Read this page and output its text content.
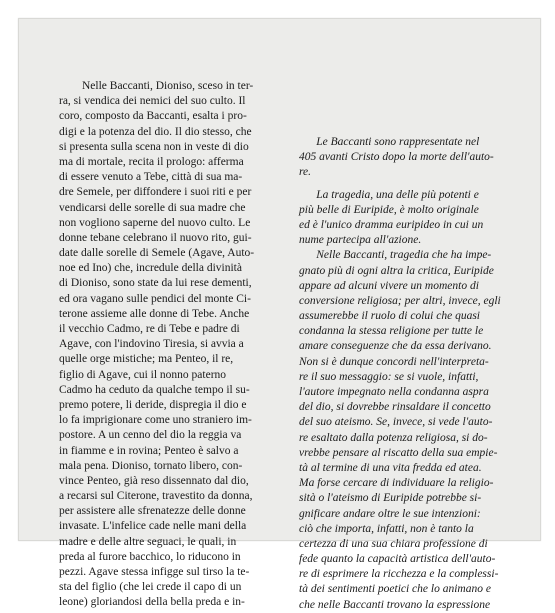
Nelle Baccanti, Dioniso, sceso in ter-
ra, si vendica dei nemici del suo culto. Il
coro, composto da Baccanti, esalta i pro-
digi e la potenza del dio. Il dio stesso, che
si presenta sulla scena non in veste di dio
ma di mortale, recita il prologo: afferma
di essere venuto a Tebe, città di sua ma-
dre Semele, per diffondere i suoi riti e per
vendicarsi delle sorelle di sua madre che
non vogliono saperne del nuovo culto. Le
donne tebane celebrano il nuovo rito, gui-
date dalle sorelle di Semele (Agave, Auto-
noe ed Ino) che, incredule della divinità
di Dioniso, sono state da lui rese dementi,
ed ora vagano sulle pendici del monte Ci-
terone assieme alle donne di Tebe. Anche
il vecchio Cadmo, re di Tebe e padre di
Agave, con l'indovino Tiresia, si avvia a
quelle orge mistiche; ma Penteo, il re,
figlio di Agave, cui il nonno paterno
Cadmo ha ceduto da qualche tempo il su-
premo potere, li deride, dispregia il dio e
lo fa imprigionare come uno straniero im-
postore. A un cenno del dio la reggia va
in fiamme e in rovina; Penteo è salvo a
mala pena. Dioniso, tornato libero, con-
vince Penteo, già reso dissennato dal dio,
a recarsi sul Citerone, travestito da donna,
per assistere alle sfrenatezze delle donne
invasate. L'infelice cade nelle mani della
madre e delle altre seguaci, le quali, in
preda al furore bacchico, lo riducono in
pezzi. Agave stessa infigge sul tirso la te-
sta del figlio (che lei crede il capo di un
leone) gloriandosi della bella preda e in-
Le Baccanti sono rappresentate nel
405 avanti Cristo dopo la morte dell'auto-
re.
La tragedia, una delle più potenti e
più belle di Euripide, è molto originale
ed è l'unico dramma euripideo in cui un
nume partecipa all'azione.
Nelle Baccanti, tragedia che ha impe-
gnato più di ogni altra la critica, Euripide
appare ad alcuni vivere un momento di
conversione religiosa; per altri, invece, egli
assumerebbe il ruolo di colui che quasi
condanna la stessa religione per tutte le
amare conseguenze che da essa derivano.
Non si è dunque concordi nell'interpreta-
re il suo messaggio: se si vuole, infatti,
l'autore impegnato nella condanna aspra
del dio, si dovrebbe rinsaldare il concetto
del suo ateismo. Se, invece, si vede l'auto-
re esaltato dalla potenza religiosa, si do-
vrebbe pensare al riscatto della sua empie-
tà al termine di una vita fredda ed atea.
Ma forse cercare di individuare la religio-
sità o l'ateismo di Euripide potrebbe si-
gnificare andare oltre le sue intenzioni:
ciò che importa, infatti, non è tanto la
certezza di una sua chiara professione di
fede quanto la capacità artistica dell'auto-
re di esprimere la ricchezza e la complessi-
tà dei sentimenti poetici che lo animano e
che nelle Baccanti trovano la espressione
